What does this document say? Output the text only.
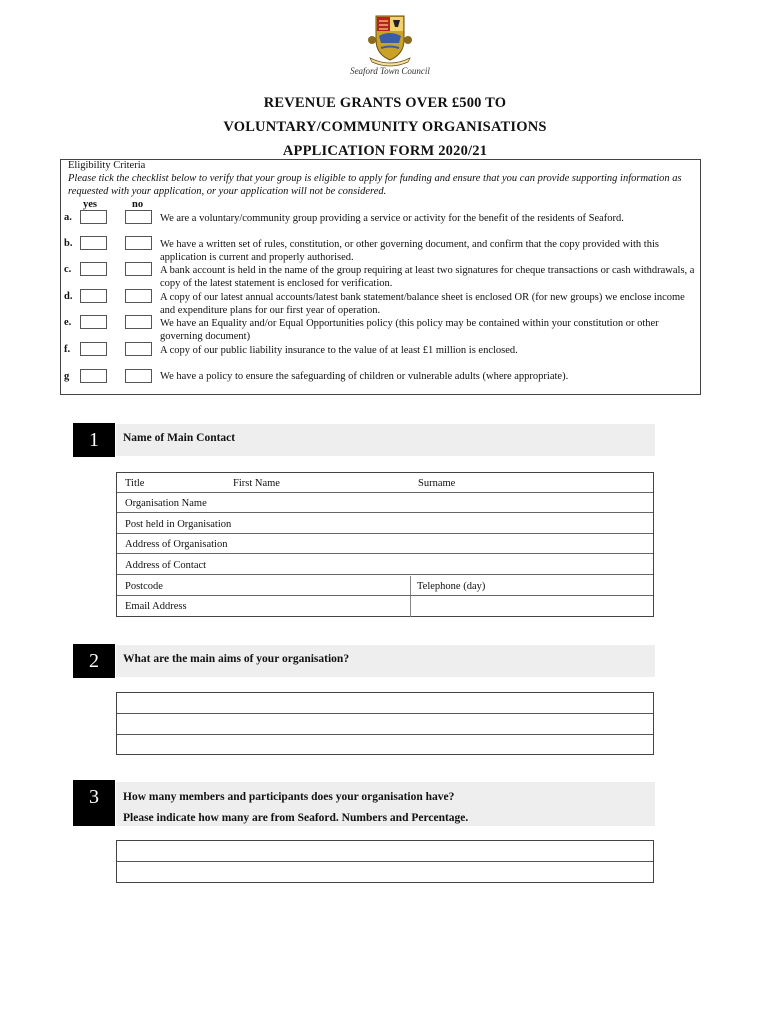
Seaford Town Council
REVENUE GRANTS OVER £500 TO
VOLUNTARY/COMMUNITY ORGANISATIONS
APPLICATION FORM 2020/21
Eligibility Criteria
Please tick the checklist below to verify that your group is eligible to apply for funding and ensure that you can provide supporting information as requested with your application, or your application will not be considered.
yes	no
a.	We are a voluntary/community group providing a service or activity for the benefit of the residents of Seaford.
b.	We have a written set of rules, constitution, or other governing document, and confirm that the copy provided with this application is current and properly authorised.
c.	A bank account is held in the name of the group requiring at least two signatures for cheque transactions or cash withdrawals, a copy of the latest statement is enclosed for verification.
d.	A copy of our latest annual accounts/latest bank statement/balance sheet is enclosed OR (for new groups) we enclose income and expenditure plans for our first year of operation.
e.	We have an Equality and/or Equal Opportunities policy (this policy may be contained within your constitution or other governing document)
f.	A copy of our public liability insurance to the value of at least £1 million is enclosed.
g	We have a policy to ensure the safeguarding of children or vulnerable adults (where appropriate).
1	Name of Main Contact
Title	First Name	Surname
Organisation Name
Post held in Organisation
Address of Organisation
Address of Contact
Postcode	Telephone (day)
Email Address
2	What are the main aims of your organisation?
3	How many members and participants does your organisation have?
Please indicate how many are from Seaford. Numbers and Percentage.
